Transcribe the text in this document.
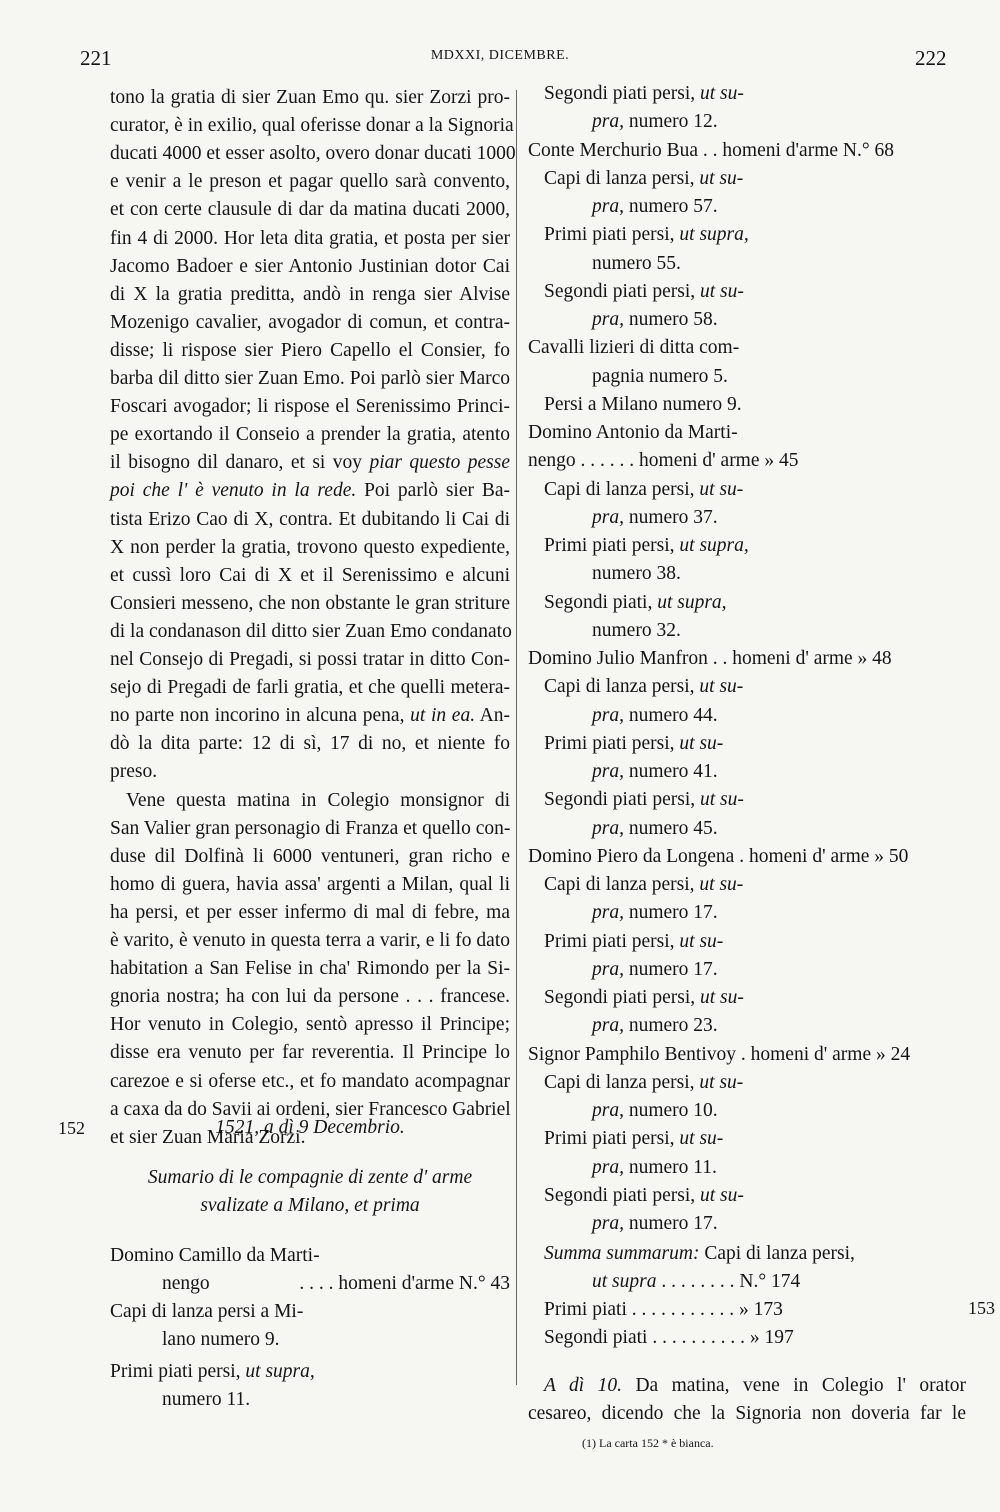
221	MDXXI, DICEMBRE.	222
tono la gratia di sier Zuan Emo qu. sier Zorzi pro-
curator, è in exilio, qual oferisse donar a la Signoria
ducati 4000 et esser asolto, overo donar ducati 1000
e venir a le preson et pagar quello sarà convento,
et con certe clausule di dar da matina ducati 2000,
fin 4 di 2000. Hor leta dita gratia, et posta per sier
Jacomo Badoer e sier Antonio Justinian dotor Cai
di X la gratia preditta, andò in renga sier Alvise
Mozenigo cavalier, avogador di comun, et contra-
disse; li rispose sier Piero Capello el Consier, fo
barba dil ditto sier Zuan Emo. Poi parlò sier Marco
Foscari avogador; li rispose el Serenissimo Princi-
pe exortando il Conseio a prender la gratia, atento
il bisogno dil danaro, et si voy piar questo pesse
poi che l' è venuto in la rede. Poi parlò sier Ba-
tista Erizo Cao di X, contra. Et dubitando li Cai di
X non perder la gratia, trovono questo expediente,
et cussì loro Cai di X et il Serenissimo e alcuni
Consieri messeno, che non obstante le gran striture
di la condanason dil ditto sier Zuan Emo condanato
nel Consejo di Pregadi, si possi tratar in ditto Con-
sejo di Pregadi de farli gratia, et che quelli metera-
no parte non incorino in alcuna pena, ut in ea. An-
dò la dita parte: 12 di sì, 17 di no, et niente fo
preso.
Vene questa matina in Colegio monsignor di
San Valier gran personagio di Franza et quello con-
duse dil Dolfinà li 6000 ventuneri, gran richo e
homo di guera, havia assa' argenti a Milan, qual li
ha persi, et per esser infermo di mal di febre, ma
è varito, è venuto in questa terra a varir, e li fo dato
habitation a San Felise in cha' Rimondo per la Si-
gnoria nostra; ha con lui da persone . . . francese.
Hor venuto in Colegio, sentò apresso il Principe;
disse era venuto per far reverentia. Il Principe lo
carezoe e si oferse etc., et fo mandato acompagnar
a caxa da do Savii ai ordeni, sier Francesco Gabriel
et sier Zuan Maria Zorzi.
1521, a dì 9 Decembrio.
Sumario di le compagnie di zente d' arme
svalizate a Milano, et prima
Domino Camillo da Marti-
nengo	. . . . homeni d'arme N.° 43
Capi di lanza persi a Mi-
lano numero 9.
Primi piati persi, ut supra,
numero 11.
Segondi piati persi, ut su-
pra, numero 12.
Conte Merchurio Bua . . homeni d'arme N.° 68
Capi di lanza persi, ut su-
pra, numero 57.
Primi piati persi, ut supra,
numero 55.
Segondi piati persi, ut su-
pra, numero 58.
Cavalli lizieri di ditta com-
pagnia numero 5.
Persi a Milano numero 9.
Domino Antonio da Marti-
nengo . . . . . . homeni d' arme » 45
Capi di lanza persi, ut su-
pra, numero 37.
Primi piati persi, ut supra,
numero 38.
Segondi piati, ut supra,
numero 32.
Domino Julio Manfron . . homeni d' arme » 48
Capi di lanza persi, ut su-
pra, numero 44.
Primi piati persi, ut su-
pra, numero 41.
Segondi piati persi, ut su-
pra, numero 45.
Domino Piero da Longena . homeni d' arme » 50
Capi di lanza persi, ut su-
pra, numero 17.
Primi piati persi, ut su-
pra, numero 17.
Segondi piati persi, ut su-
pra, numero 23.
Signor Pamphilo Bentivoy . homeni d' arme » 24
Capi di lanza persi, ut su-
pra, numero 10.
Primi piati persi, ut su-
pra, numero 11.
Segondi piati persi, ut su-
pra, numero 17.
Summa summarum: Capi di lanza persi,
ut supra . . . . . . . . N.° 174
Primi piati . . . . . . . . . . . » 173
Segondi piati . . . . . . . . . . » 197
A dì 10. Da matina, vene in Colegio l' orator
cesareo, dicendo che la Signoria non doveria far le
152
153
(1) La carta 152 * è bianca.
